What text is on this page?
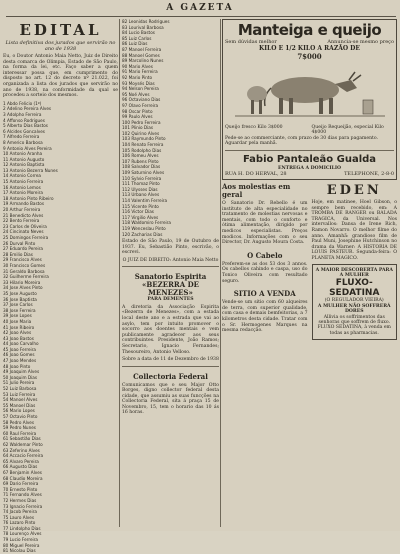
A GAZETA
EDITAL
Lista definitiva dos jurados que servirão no ano de 1938
Eu, o Doutor Antonio Maia Netto, Juiz de Direito desta comarca de Olimpia, Estado de São Paulo, na forma da lei, etc. Faço saber a quem interessar possa que, em cumprimento do disposto no art. 12 do decreto nº 21.022, foi organizada a lista dos jurados que servirão no ano de 1938, na conformidade da qual se procedeu a sorteio dos mesmos.
1 Abdo Felicio (1º)
2 Adelino Pereira Alves
3 Adolpho Ferreira
4 Affonso Rodrigues
5 Alberto Dias Bastos
6 Alcides Goncalves
7 Alfredo Ferreira
8 Americo Barbosa
9 Antonio Alves Pereira
10 Antonio Aranha
11 Antonio Augusto
12 Antonio Baptista
13 Antonio Bezerra Nunes
14 Antonio Correa
15 Antonio Ferreira
16 Antonio Lemos
17 Antonio Moreira
18 Antonio Pinto Ribeiro
19 Armando Bastos
20 Arthur Ferreira
21 Benedicto Alves
22 Bento Ferreira
23 Carlos de Oliveira
24 Cincinato Neves
25 Domingos Ferreira
26 Durval Pinto
27 Eduardo Pereira
28 Emilio Dias
29 Francisco Alves
30 Francisco Gomes
31 Geraldo Barbosa
32 Guilherme Ferreira
33 Hilario Moreira
34 Jose Alves Pinto
35 Jose Augusto
36 Jose Baptista
37 Jose Carlos
38 Jose Ferreira
39 Jose Lopes
40 Jose Maria
41 Jose Ribeiro
42 Joao Alves
43 Joao Bastos
44 Joao Carvalho
45 Joao Ferreira
46 Joao Gomes
47 Joao Mendes
48 Joao Pinto
49 Joaquim Alves
50 Joaquim Dias
51 Julio Pereira
52 Luiz Barbosa
53 Luiz Ferreira
54 Manoel Alves
55 Manoel Dias
56 Mario Lopes
57 Octavio Pinto
58 Pedro Alves
59 Pedro Nunes
60 Raul Ferreira
61 Sebastião Dias
62 Waldemar Pinto
63 Zeferino Alves
64 Accacio Ferreira
65 Alvaro Pereira
66 Augusto Dias
67 Benjamin Alves
68 Claudio Moreira
69 Dario Ferreira
70 Ernesto Pinto
71 Fernando Alves
72 Hermes Dias
73 Ignacio Ferreira
74 Jacob Pereira
75 Lauro Alves
76 Lazaro Pinto
77 Lindolpho Dias
78 Lourenço Alves
79 Lucio Ferreira
80 Miguel Pereira
81 Nicolau Dias
82 Leonidas Rodrigues
83 Lourival Barbosa
84 Lucio Bastos
85 Luiz Carlos
86 Luiz Dias
87 Manoel Ferreira
88 Manoel Gomes
89 Marcolino Nunes
90 Mario Alves
91 Mario Ferreira
92 Mario Pinto
93 Moysés Dias
94 Nelson Pereira
95 Noé Alves
96 Octaviano Dias
97 Olavo Ferreira
98 Oscar Pinto
99 Paulo Alves
100 Pedro Ferreira
101 Plinio Dias
102 Quirino Alves
103 Raymundo Pinto
104 Renato Ferreira
105 Rodolpho Dias
106 Romeu Alves
107 Rubens Pinto
108 Salvador Dias
109 Saturnino Alves
110 Sylvio Ferreira
111 Thomaz Pinto
112 Ulysses Dias
113 Urbano Alves
114 Valentim Ferreira
115 Vicente Pinto
116 Victor Dias
117 Virgilio Alves
118 Waldomiro Ferreira
119 Wenceslau Pinto
120 Zacharias Dias
Estado de São Paulo, 19 de Outubro de 1937. Eu, Sebastião Pinto, escrivão, o escrevi.
O JUIZ DE DIREITO: Antonio Maia Netto
Sanatorio Espirita «BEZERRA DE MENEZES»
PARA DEMENTES
A diretoria da Associação Espirita «Bezerra de Menezes», com a estada local deste ano e a estrada que vai ao asylo, tem por intuito promover o socorro aos doentes mentais e vem publicamente agradecer aos seus contribuintes. Presidente, João Ramos; Secretario, Ignacio Fernandes; Thesoureiro, Antonio Velloso.
Sobre a data de 11 de Dezembro de 1938
Collectoria Federal
Comunicamos que o seu Major Otto Borges, digno collector federal desta cidade, que assumiu as suas funcções na Collectoria Federal, sita á praça 15 de Novembro, 15, tem o horario das 10 ás 16 horas.
Manteiga e queijo
Sem dúvidas melhor	Annuncia-se mesmo preço
KILO E 1/2 KILO A RAZÃO DE
7$000
Queijo fresco Kilo 3$000	Queijo Requeijão, especial Kilo 4$000
Pede-se ao commerciante, com prazo de 30 dias para pagamento. Aguardar pela manhã.
Fabio Pantaleão Gualda
ENTREGA A DOMICILIO
RUA H. DO HERVAL, 28	TELEPHONE, 2-8-0
Aos molestias em geral
O Sanatorio Dr. Rebello é um instituto de alta especialidade no tratamento de molestias nervosas e mentais, com todo o conforto e ótima alimentação, dirigido por medicos especialistas. Preços modicos. Informações com o seu Director, Dr. Augusto Moura Costa.
O Cabelo
Preferem-se as dos 53 dos 3 annos. Os cabellos cahindo e caspa, uso do Tonico Oliveira com resultado seguro.
SITIO A VENDA
Vende-se um sitio com 60 alqueires de terra, com superior qualidade, com casa e demais bemfeitorias, a 7 kilometros desta cidade. Tratar com o Sr. Hermogenes Marques na mesma redacção.
EDEN
Hoje, em matinee, Hoel Gibson, o sempre bem recebido, em: A TROMBA DE RANGER ou BALADA TRAGICA, da Universal. Nos intervallos: Dansa de Irene Rich, Ramon Novarro. O melhor filme do anno. Amanhã: grandioso film de Paul Muni, Josephine Hutchinson no drama da Warner: A HISTORIA DE LOUIS PASTEUR. Segunda-feira: O PLANETA MAGICO.
A MAIOR DESCOBERTA PARA A MULHER
FLUXO-SEDATINA
(O REGULADOR VIEIRA)
A MULHER NÃO SOFFRERÁ DORES
Allivia os soffrimentos das senhoras que soffrem de fluxo. FLUXO SEDATINA, à venda em todas as pharmacias.
